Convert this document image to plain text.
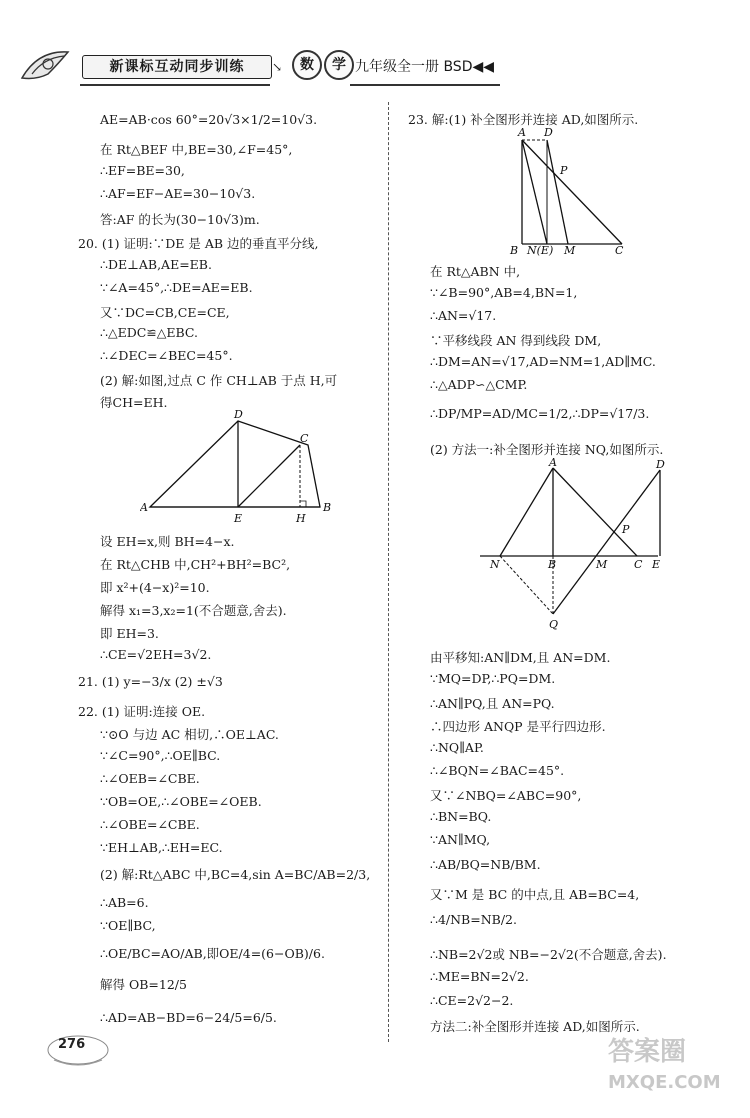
新课标互动同步训练	↘	数	学 九年级全一册 BSD◀◀
AE=AB·cos 60°=20√3×1/2=10√3.
在 Rt△BEF 中,BE=30,∠F=45°,
∴EF=BE=30,
∴AF=EF−AE=30−10√3.
答:AF 的长为(30−10√3)m.
20. (1) 证明:∵DE 是 AB 边的垂直平分线,
∴DE⊥AB,AE=EB.
∵∠A=45°,∴DE=AE=EB.
又∵DC=CB,CE=CE,
∴△EDC≌△EBC.
∴∠DEC=∠BEC=45°.
(2) 解:如图,过点 C 作 CH⊥AB 于点 H,可
得CH=EH.
A
D
C
E	H
B
设 EH=x,则 BH=4−x.
在 Rt△CHB 中,CH²+BH²=BC²,
即 x²+(4−x)²=10.
解得 x₁=3,x₂=1(不合题意,舍去).
即 EH=3.
∴CE=√2EH=3√2.
21. (1) y=−3/x (2) ±√3
22. (1) 证明:连接 OE.
∵⊙O 与边 AC 相切,∴OE⊥AC.
∵∠C=90°,∴OE∥BC.
∴∠OEB=∠CBE.
∵OB=OE,∴∠OBE=∠OEB.
∴∠OBE=∠CBE.
∵EH⊥AB,∴EH=EC.
(2) 解:Rt△ABC 中,BC=4,sin A=BC/AB=2/3,
∴AB=6.
∵OE∥BC,
∴OE/BC=AO/AB,即OE/4=(6−OB)/6.
解得 OB=12/5
∴AD=AB−BD=6−24/5=6/5.
23. 解:(1) 补全图形并连接 AD,如图所示.
A D
P
B N(E) M	C
在 Rt△ABN 中,
∵∠B=90°,AB=4,BN=1,
∴AN=√17.
∵平移线段 AN 得到线段 DM,
∴DM=AN=√17,AD=NM=1,AD∥MC.
∴△ADP∽△CMP.
∴DP/MP=AD/MC=1/2,∴DP=√17/3.
(2) 方法一:补全图形并连接 NQ,如图所示.
A	D
P
N	B	M C E
Q
由平移知:AN∥DM,且 AN=DM.
∵MQ=DP,∴PQ=DM.
∴AN∥PQ,且 AN=PQ.
∴四边形 ANQP 是平行四边形.
∴NQ∥AP.
∴∠BQN=∠BAC=45°.
又∵∠NBQ=∠ABC=90°,
∴BN=BQ.
∵AN∥MQ,
∴AB/BQ=NB/BM.
又∵M 是 BC 的中点,且 AB=BC=4,
∴4/NB=NB/2.
∴NB=2√2或 NB=−2√2(不合题意,舍去).
∴ME=BN=2√2.
∴CE=2√2−2.
方法二:补全图形并连接 AD,如图所示.
276	答案圈
MXQE.COM
